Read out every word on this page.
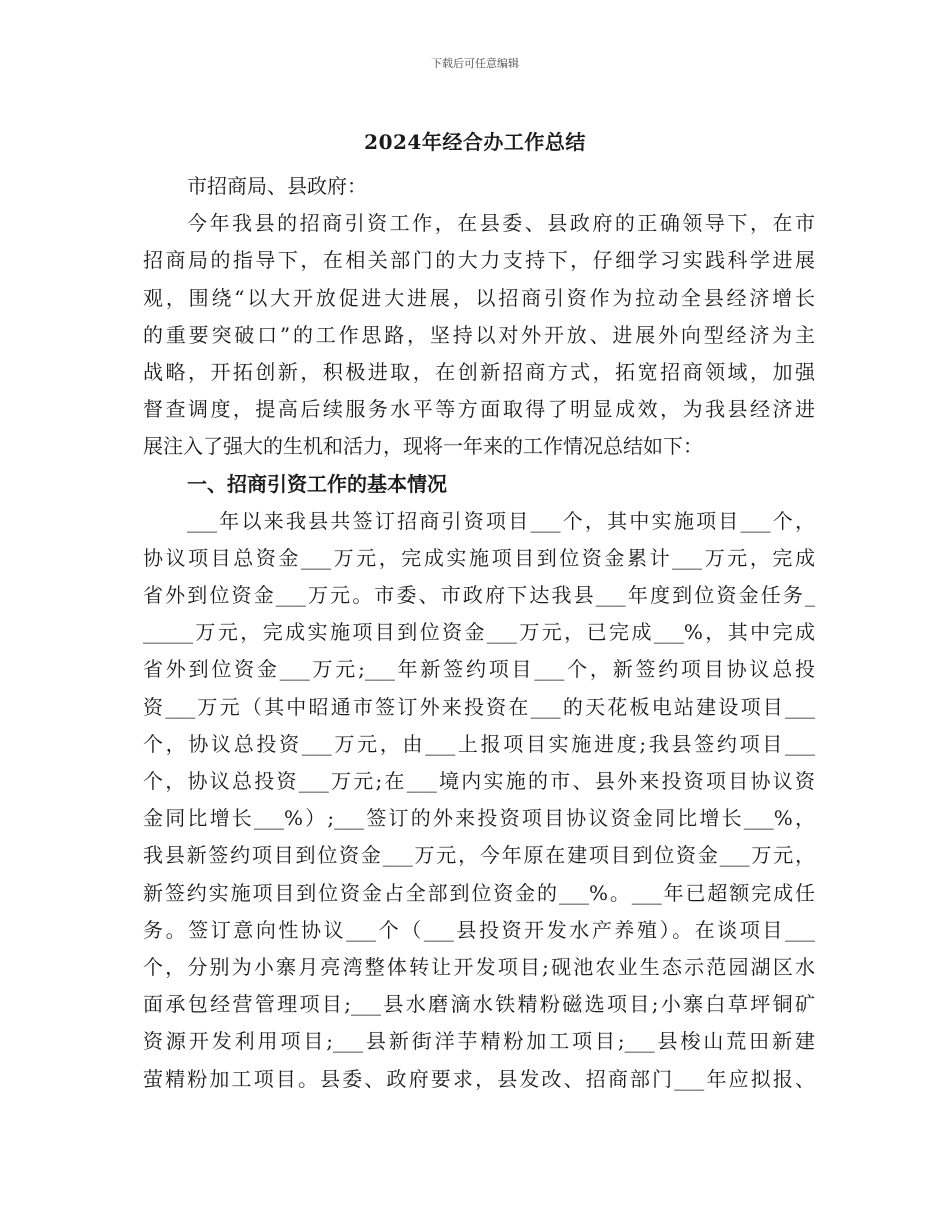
下载后可任意编辑
2024年经合办工作总结
市招商局、县政府：
今年我县的招商引资工作，在县委、县政府的正确领导下，在市
招商局的指导下，在相关部门的大力支持下，仔细学习实践科学进展
观，围绕“以大开放促进大进展，以招商引资作为拉动全县经济增长
的重要突破口”的工作思路，坚持以对外开放、进展外向型经济为主
战略，开拓创新，积极进取，在创新招商方式，拓宽招商领域，加强
督查调度，提高后续服务水平等方面取得了明显成效，为我县经济进
展注入了强大的生机和活力，现将一年来的工作情况总结如下：
一、招商引资工作的基本情况
___年以来我县共签订招商引资项目___个，其中实施项目___个，
协议项目总资金___万元，完成实施项目到位资金累计___万元，完成
省外到位资金___万元。市委、市政府下达我县___年度到位资金任务_
_____万元，完成实施项目到位资金___万元，已完成___%，其中完成
省外到位资金___万元;___年新签约项目___个，新签约项目协议总投
资___万元（其中昭通市签订外来投资在___的天花板电站建设项目___
个，协议总投资___万元，由___上报项目实施进度;我县签约项目___
个，协议总投资___万元;在___境内实施的市、县外来投资项目协议资
金同比增长___%）;___签订的外来投资项目协议资金同比增长___%，
我县新签约项目到位资金___万元，今年原在建项目到位资金___万元，
新签约实施项目到位资金占全部到位资金的___%。___年已超额完成任
务。签订意向性协议___个（___县投资开发水产养殖）。在谈项目___
个，分别为小寨月亮湾整体转让开发项目;砚池农业生态示范园湖区水
面承包经营管理项目;___县水磨滴水铁精粉磁选项目;小寨白草坪铜矿
资源开发利用项目;___县新街洋芋精粉加工项目;___县梭山荒田新建
萤精粉加工项目。县委、政府要求，县发改、招商部门___年应拟报、
